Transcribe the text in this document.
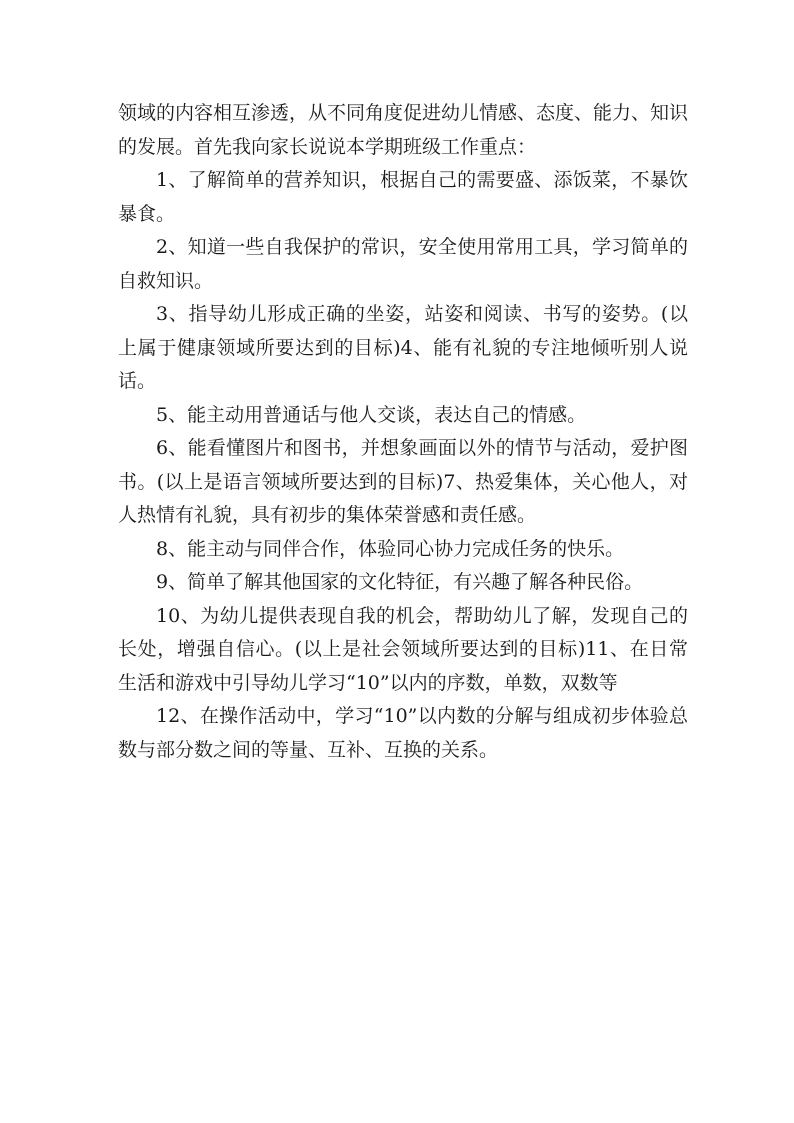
领域的内容相互渗透，从不同角度促进幼儿情感、态度、能力、知识的发展。首先我向家长说说本学期班级工作重点：

1、了解简单的营养知识，根据自己的需要盛、添饭菜，不暴饮暴食。

2、知道一些自我保护的常识，安全使用常用工具，学习简单的自救知识。

3、指导幼儿形成正确的坐姿，站姿和阅读、书写的姿势。(以上属于健康领域所要达到的目标)4、能有礼貌的专注地倾听别人说话。

5、能主动用普通话与他人交谈，表达自己的情感。

6、能看懂图片和图书，并想象画面以外的情节与活动，爱护图书。(以上是语言领域所要达到的目标)7、热爱集体，关心他人，对人热情有礼貌，具有初步的集体荣誉感和责任感。

8、能主动与同伴合作，体验同心协力完成任务的快乐。

9、简单了解其他国家的文化特征，有兴趣了解各种民俗。

10、为幼儿提供表现自我的机会，帮助幼儿了解，发现自己的长处，增强自信心。(以上是社会领域所要达到的目标)11、在日常生活和游戏中引导幼儿学习“10”以内的序数，单数，双数等

12、在操作活动中，学习“10”以内数的分解与组成初步体验总数与部分数之间的等量、互补、互换的关系。
